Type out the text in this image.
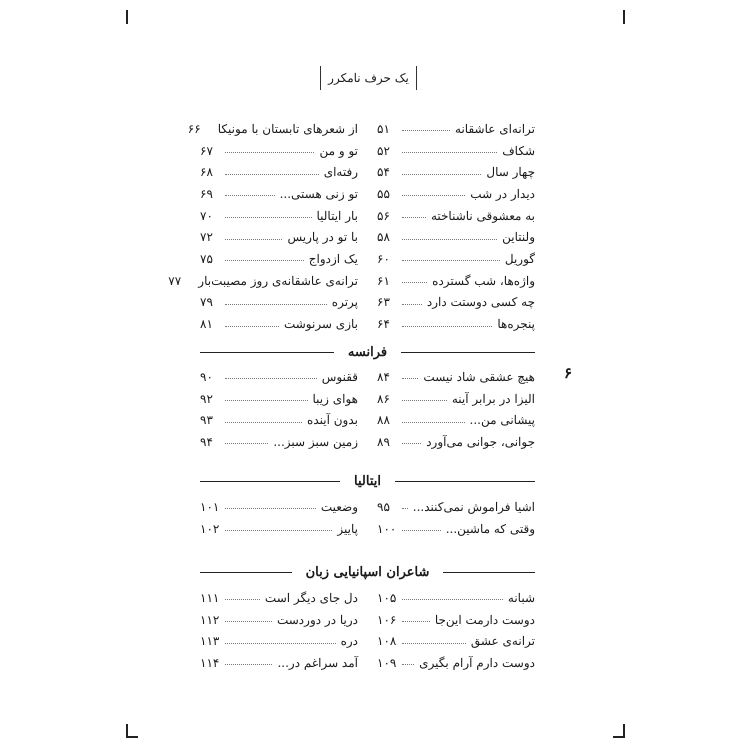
یک حرف نامکرر
۶
ترانه‌ای عاشقانه
۵۱
از شعرهای تابستان با مونیکا
۶۶
شکاف
۵۲
تو و من
۶۷
چهار سال
۵۴
رفته‌ای
۶۸
دیدار در شب
۵۵
تو زنی هستی...
۶۹
به معشوقی ناشناخته
۵۶
بار ایتالیا
۷۰
ولنتاین
۵۸
با تو در پاریس
۷۲
گوریل
۶۰
یک ازدواج
۷۵
واژه‌ها، شب گسترده
۶۱
ترانه‌ی عاشقانه‌ی روز مصیبت‌بار
۷۷
چه کسی دوستت دارد
۶۳
پرتره
۷۹
پنجره‌ها
۶۴
بازی سرنوشت
۸۱
فرانسه
هیچ عشقی شاد نیست
۸۴
ققنوس
۹۰
الیزا در برابر آینه
۸۶
هوای زیبا
۹۲
پیشانی من...
۸۸
بدون آینده
۹۳
جوانی، جوانی می‌آورد
۸۹
زمین سبز سبز...
۹۴
ایتالیا
اشیا فراموش نمی‌کنند...
۹۵
وضعیت
۱۰۱
وقتی که ماشین...
۱۰۰
پاییز
۱۰۲
شاعران اسپانیایی زبان
شبانه
۱۰۵
دل جای دیگر است
۱۱۱
دوست دارمت این‌جا
۱۰۶
دریا در دوردست
۱۱۲
ترانه‌ی عشق
۱۰۸
دره
۱۱۳
دوست دارم آرام بگیری
۱۰۹
آمد سراغم در...
۱۱۴
